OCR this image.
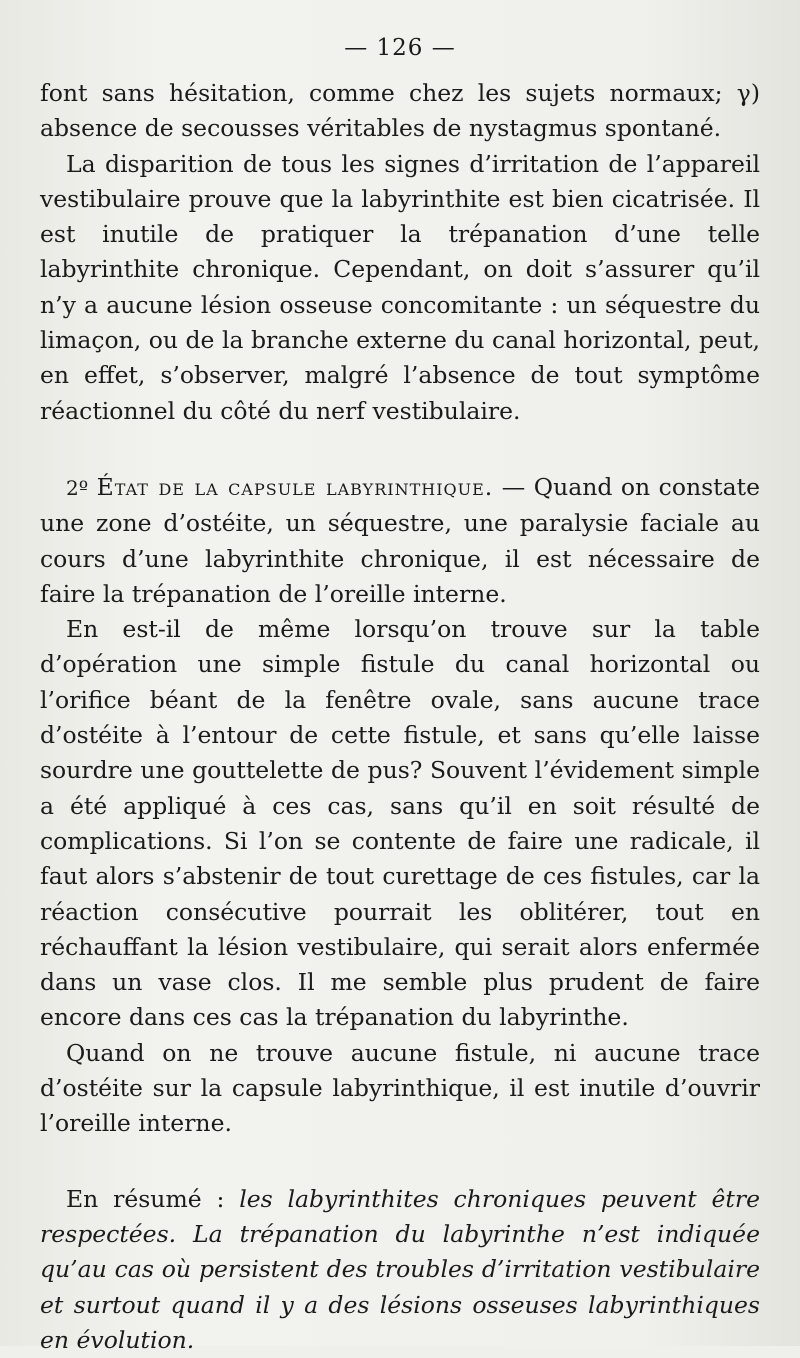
— 126 —

font sans hésitation, comme chez les sujets normaux; γ) absence de secousses véritables de nystagmus spontané.

La disparition de tous les signes d’irritation de l’appareil vestibulaire prouve que la labyrinthite est bien cicatrisée. Il est inutile de pratiquer la trépanation d’une telle labyrinthite chronique. Cependant, on doit s’assurer qu’il n’y a aucune lésion osseuse concomitante : un séquestre du limaçon, ou de la branche externe du canal horizontal, peut, en effet, s’observer, malgré l’absence de tout symptôme réactionnel du côté du nerf vestibulaire.

2º État de la capsule labyrinthique. — Quand on constate une zone d’ostéite, un séquestre, une paralysie faciale au cours d’une labyrinthite chronique, il est nécessaire de faire la trépanation de l’oreille interne.

En est-il de même lorsqu’on trouve sur la table d’opération une simple fistule du canal horizontal ou l’orifice béant de la fenêtre ovale, sans aucune trace d’ostéite à l’entour de cette fistule, et sans qu’elle laisse sourdre une gouttelette de pus? Souvent l’évidement simple a été appliqué à ces cas, sans qu’il en soit résulté de complications. Si l’on se contente de faire une radicale, il faut alors s’abstenir de tout curettage de ces fistules, car la réaction consécutive pourrait les oblitérer, tout en réchauffant la lésion vestibulaire, qui serait alors enfermée dans un vase clos. Il me semble plus prudent de faire encore dans ces cas la trépanation du labyrinthe.

Quand on ne trouve aucune fistule, ni aucune trace d’ostéite sur la capsule labyrinthique, il est inutile d’ouvrir l’oreille interne.

En résumé : les labyrinthites chroniques peuvent être respectées. La trépanation du labyrinthe n’est indiquée qu’au cas où persistent des troubles d’irritation vestibulaire et surtout quand il y a des lésions osseuses labyrinthiques en évolution.
